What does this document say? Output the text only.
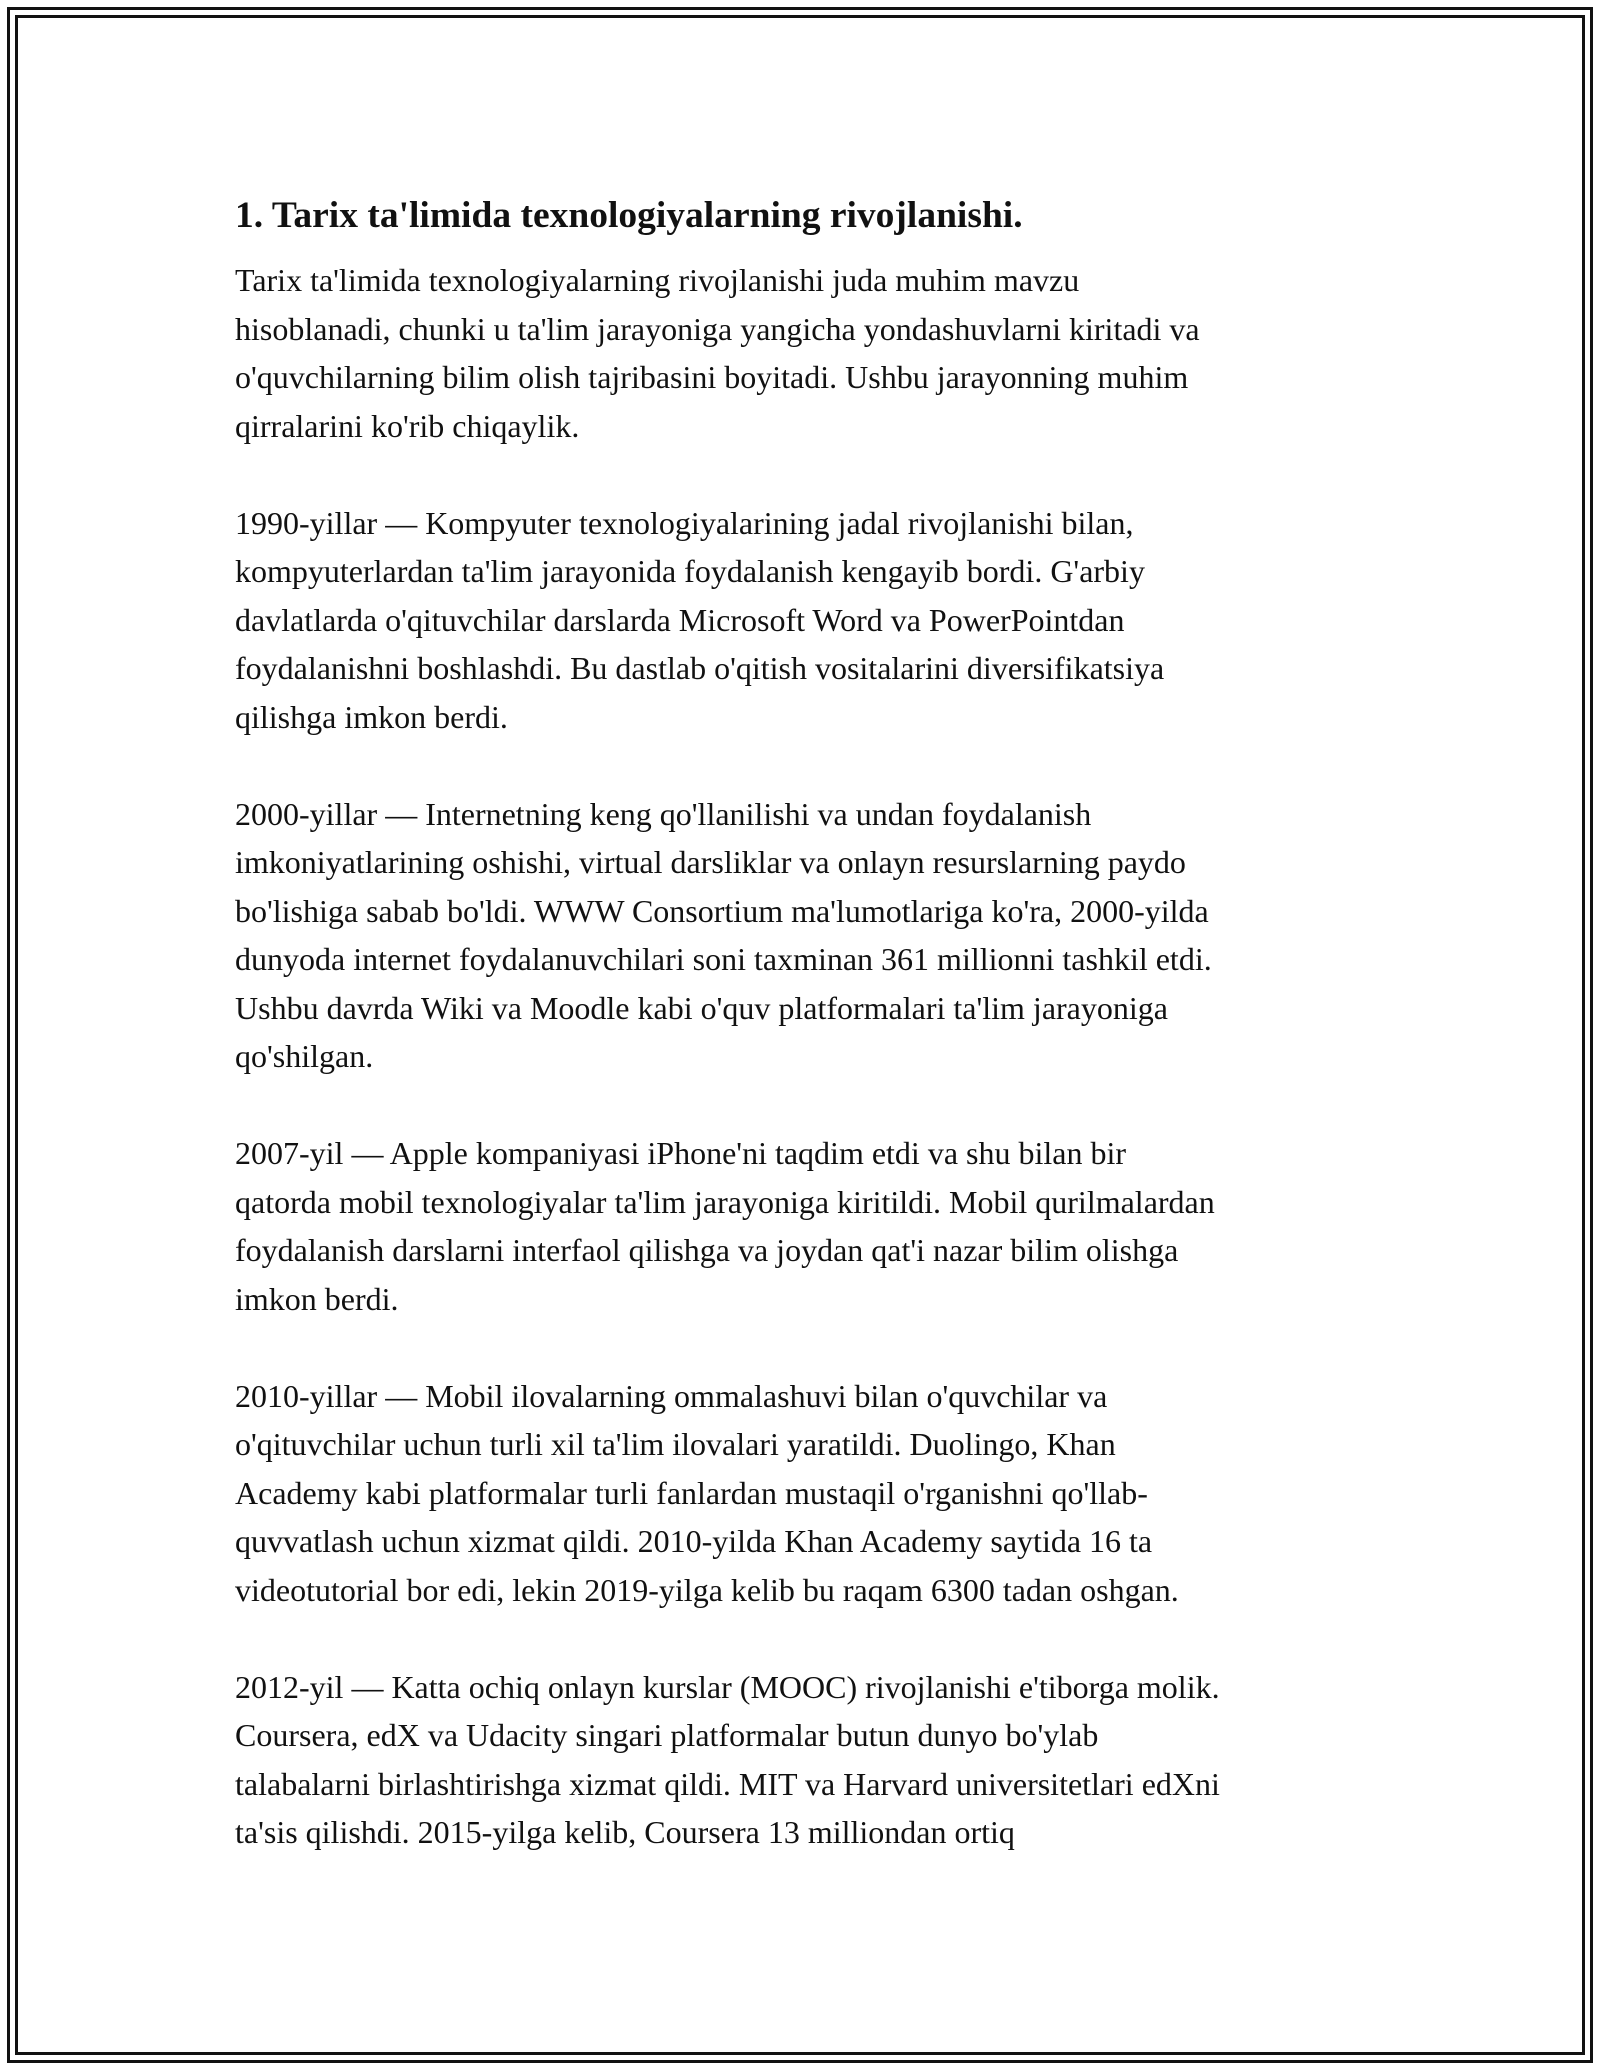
1. Tarix ta'limida texnologiyalarning rivojlanishi.

Tarix ta'limida texnologiyalarning rivojlanishi juda muhim mavzu
hisoblanadi, chunki u ta'lim jarayoniga yangicha yondashuvlarni kiritadi va
o'quvchilarning bilim olish tajribasini boyitadi. Ushbu jarayonning muhim
qirralarini ko'rib chiqaylik.

1990-yillar — Kompyuter texnologiyalarining jadal rivojlanishi bilan,
kompyuterlardan ta'lim jarayonida foydalanish kengayib bordi. G'arbiy
davlatlarda o'qituvchilar darslarda Microsoft Word va PowerPointdan
foydalanishni boshlashdi. Bu dastlab o'qitish vositalarini diversifikatsiya
qilishga imkon berdi.

2000-yillar — Internetning keng qo'llanilishi va undan foydalanish
imkoniyatlarining oshishi, virtual darsliklar va onlayn resurslarning paydo
bo'lishiga sabab bo'ldi. WWW Consortium ma'lumotlariga ko'ra, 2000-yilda
dunyoda internet foydalanuvchilari soni taxminan 361 millionni tashkil etdi.
Ushbu davrda Wiki va Moodle kabi o'quv platformalari ta'lim jarayoniga
qo'shilgan.

2007-yil — Apple kompaniyasi iPhone'ni taqdim etdi va shu bilan bir
qatorda mobil texnologiyalar ta'lim jarayoniga kiritildi. Mobil qurilmalardan
foydalanish darslarni interfaol qilishga va joydan qat'i nazar bilim olishga
imkon berdi.

2010-yillar — Mobil ilovalarning ommalashuvi bilan o'quvchilar va
o'qituvchilar uchun turli xil ta'lim ilovalari yaratildi. Duolingo, Khan
Academy kabi platformalar turli fanlardan mustaqil o'rganishni qo'llab-
quvvatlash uchun xizmat qildi. 2010-yilda Khan Academy saytida 16 ta
videotutorial bor edi, lekin 2019-yilga kelib bu raqam 6300 tadan oshgan.

2012-yil — Katta ochiq onlayn kurslar (MOOC) rivojlanishi e'tiborga molik.
Coursera, edX va Udacity singari platformalar butun dunyo bo'ylab
talabalarni birlashtirishga xizmat qildi. MIT va Harvard universitetlari edXni
ta'sis qilishdi. 2015-yilga kelib, Coursera 13 milliondan ortiq
